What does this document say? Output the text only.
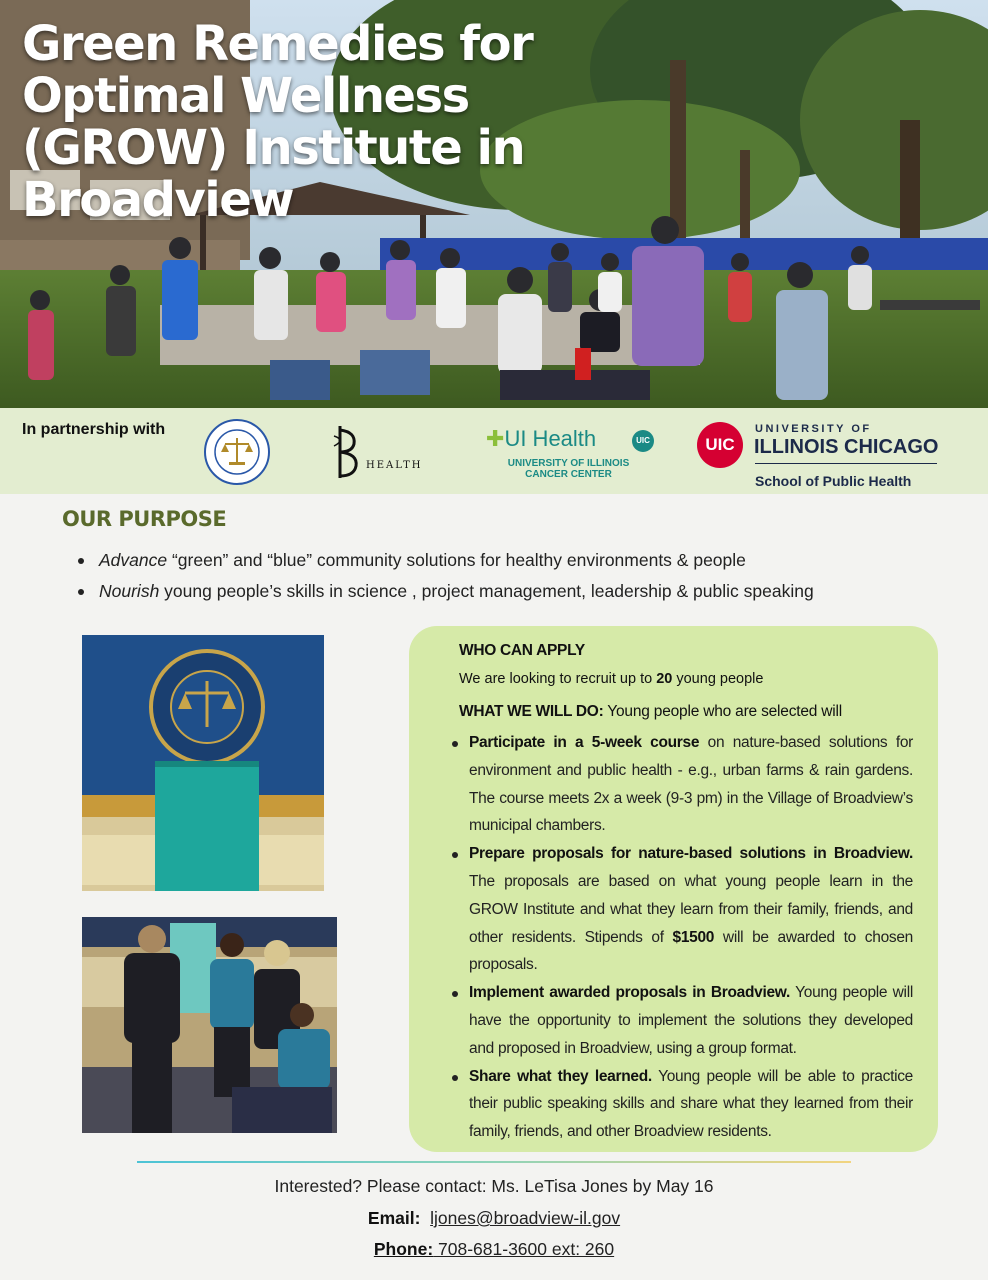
Green Remedies for Optimal Wellness (GROW) Institute in Broadview
In partnership with
HEALTH
✚UI Health	UIC
UNIVERSITY OF ILLINOIS
CANCER CENTER
UIC
UNIVERSITY OF
ILLINOIS CHICAGO
School of Public Health
OUR PURPOSE
Advance “green” and “blue” community solutions for healthy environments & people
Nourish young people’s skills in science , project management, leadership & public speaking
WHO CAN APPLY
We are looking to recruit up to 20 young people
WHAT WE WILL DO: Young people who are selected will
Participate in a 5-week course on nature-based solutions for environment and public health - e.g., urban farms & rain gardens. The course meets 2x a week (9-3 pm) in the Village of Broadview’s municipal chambers.
Prepare proposals for nature-based solutions in Broadview. The proposals are based on what young people learn in the GROW Institute and what they learn from their family, friends, and other residents. Stipends of $1500 will be awarded to chosen proposals.
Implement awarded proposals in Broadview. Young people will have the opportunity to implement the solutions they developed and proposed in Broadview, using a group format.
Share what they learned. Young people will be able to practice their public speaking skills and share what they learned from their family, friends, and other Broadview residents.
Interested? Please contact: Ms. LeTisa Jones by May 16
Email: ljones@broadview-il.gov
Phone: 708-681-3600 ext: 260
